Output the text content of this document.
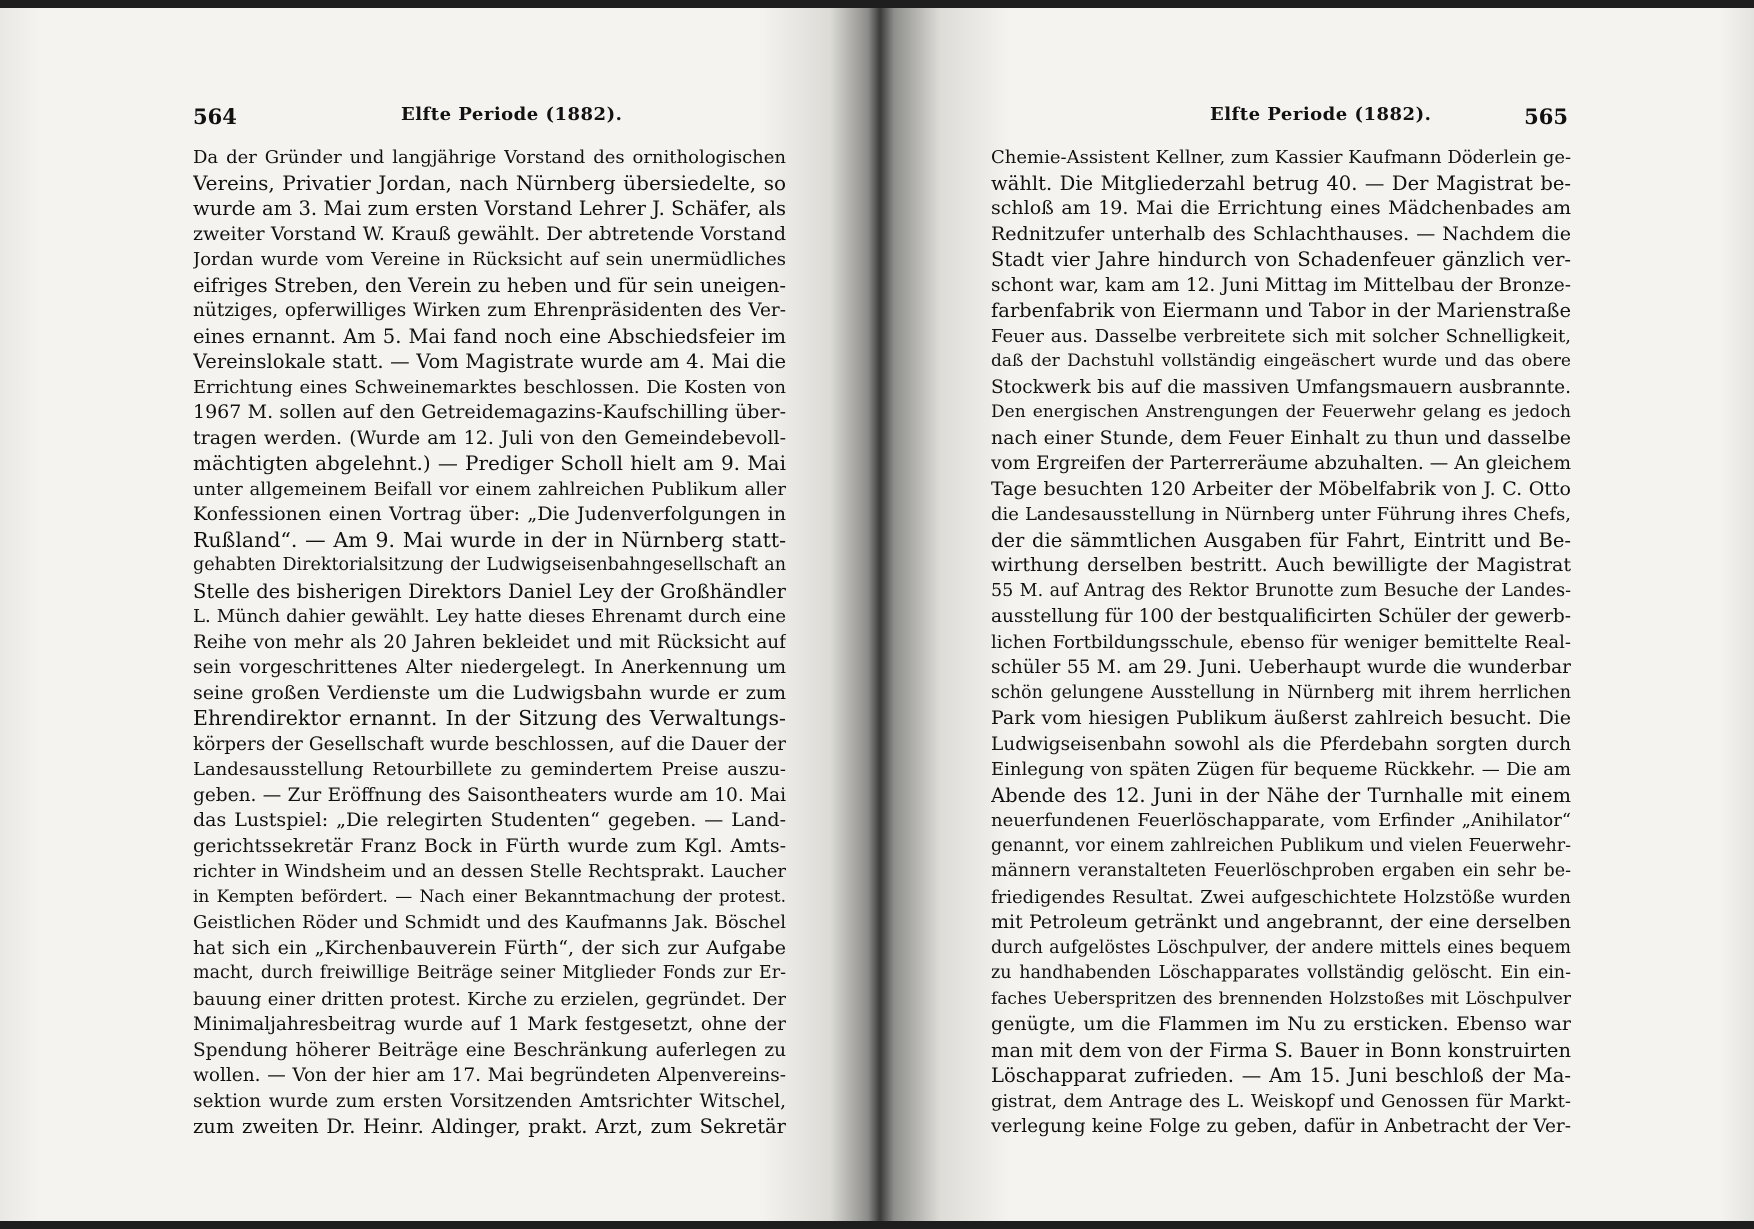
564	Elfte Periode (1882).
Da der Gründer und langjährige Vorstand des ornithologischen
Vereins, Privatier Jordan, nach Nürnberg übersiedelte, so
wurde am 3. Mai zum ersten Vorstand Lehrer J. Schäfer, als
zweiter Vorstand W. Krauß gewählt. Der abtretende Vorstand
Jordan wurde vom Vereine in Rücksicht auf sein unermüdliches
eifriges Streben, den Verein zu heben und für sein uneigen-
nütziges, opferwilliges Wirken zum Ehrenpräsidenten des Ver-
eines ernannt. Am 5. Mai fand noch eine Abschiedsfeier im
Vereinslokale statt. — Vom Magistrate wurde am 4. Mai die
Errichtung eines Schweinemarktes beschlossen. Die Kosten von
1967 M. sollen auf den Getreidemagazins-Kaufschilling über-
tragen werden. (Wurde am 12. Juli von den Gemeindebevoll-
mächtigten abgelehnt.) — Prediger Scholl hielt am 9. Mai
unter allgemeinem Beifall vor einem zahlreichen Publikum aller
Konfessionen einen Vortrag über: „Die Judenverfolgungen in
Rußland“. — Am 9. Mai wurde in der in Nürnberg statt-
gehabten Direktorialsitzung der Ludwigseisenbahngesellschaft an
Stelle des bisherigen Direktors Daniel Ley der Großhändler
L. Münch dahier gewählt. Ley hatte dieses Ehrenamt durch eine
Reihe von mehr als 20 Jahren bekleidet und mit Rücksicht auf
sein vorgeschrittenes Alter niedergelegt. In Anerkennung um
seine großen Verdienste um die Ludwigsbahn wurde er zum
Ehrendirektor ernannt. In der Sitzung des Verwaltungs-
körpers der Gesellschaft wurde beschlossen, auf die Dauer der
Landesausstellung Retourbillete zu gemindertem Preise auszu-
geben. — Zur Eröffnung des Saisontheaters wurde am 10. Mai
das Lustspiel: „Die relegirten Studenten“ gegeben. — Land-
gerichtssekretär Franz Bock in Fürth wurde zum Kgl. Amts-
richter in Windsheim und an dessen Stelle Rechtsprakt. Laucher
in Kempten befördert. — Nach einer Bekanntmachung der protest.
Geistlichen Röder und Schmidt und des Kaufmanns Jak. Böschel
hat sich ein „Kirchenbauverein Fürth“, der sich zur Aufgabe
macht, durch freiwillige Beiträge seiner Mitglieder Fonds zur Er-
bauung einer dritten protest. Kirche zu erzielen, gegründet. Der
Minimaljahresbeitrag wurde auf 1 Mark festgesetzt, ohne der
Spendung höherer Beiträge eine Beschränkung auferlegen zu
wollen. — Von der hier am 17. Mai begründeten Alpenvereins-
sektion wurde zum ersten Vorsitzenden Amtsrichter Witschel,
zum zweiten Dr. Heinr. Aldinger, prakt. Arzt, zum Sekretär
Elfte Periode (1882).	565
Chemie-Assistent Kellner, zum Kassier Kaufmann Döderlein ge-
wählt. Die Mitgliederzahl betrug 40. — Der Magistrat be-
schloß am 19. Mai die Errichtung eines Mädchenbades am
Rednitzufer unterhalb des Schlachthauses. — Nachdem die
Stadt vier Jahre hindurch von Schadenfeuer gänzlich ver-
schont war, kam am 12. Juni Mittag im Mittelbau der Bronze-
farbenfabrik von Eiermann und Tabor in der Marienstraße
Feuer aus. Dasselbe verbreitete sich mit solcher Schnelligkeit,
daß der Dachstuhl vollständig eingeäschert wurde und das obere
Stockwerk bis auf die massiven Umfangsmauern ausbrannte.
Den energischen Anstrengungen der Feuerwehr gelang es jedoch
nach einer Stunde, dem Feuer Einhalt zu thun und dasselbe
vom Ergreifen der Parterreräume abzuhalten. — An gleichem
Tage besuchten 120 Arbeiter der Möbelfabrik von J. C. Otto
die Landesausstellung in Nürnberg unter Führung ihres Chefs,
der die sämmtlichen Ausgaben für Fahrt, Eintritt und Be-
wirthung derselben bestritt. Auch bewilligte der Magistrat
55 M. auf Antrag des Rektor Brunotte zum Besuche der Landes-
ausstellung für 100 der bestqualificirten Schüler der gewerb-
lichen Fortbildungsschule, ebenso für weniger bemittelte Real-
schüler 55 M. am 29. Juni. Ueberhaupt wurde die wunderbar
schön gelungene Ausstellung in Nürnberg mit ihrem herrlichen
Park vom hiesigen Publikum äußerst zahlreich besucht. Die
Ludwigseisenbahn sowohl als die Pferdebahn sorgten durch
Einlegung von späten Zügen für bequeme Rückkehr. — Die am
Abende des 12. Juni in der Nähe der Turnhalle mit einem
neuerfundenen Feuerlöschapparate, vom Erfinder „Anihilator“
genannt, vor einem zahlreichen Publikum und vielen Feuerwehr-
männern veranstalteten Feuerlöschproben ergaben ein sehr be-
friedigendes Resultat. Zwei aufgeschichtete Holzstöße wurden
mit Petroleum getränkt und angebrannt, der eine derselben
durch aufgelöstes Löschpulver, der andere mittels eines bequem
zu handhabenden Löschapparates vollständig gelöscht. Ein ein-
faches Ueberspritzen des brennenden Holzstoßes mit Löschpulver
genügte, um die Flammen im Nu zu ersticken. Ebenso war
man mit dem von der Firma S. Bauer in Bonn konstruirten
Löschapparat zufrieden. — Am 15. Juni beschloß der Ma-
gistrat, dem Antrage des L. Weiskopf und Genossen für Markt-
verlegung keine Folge zu geben, dafür in Anbetracht der Ver-
